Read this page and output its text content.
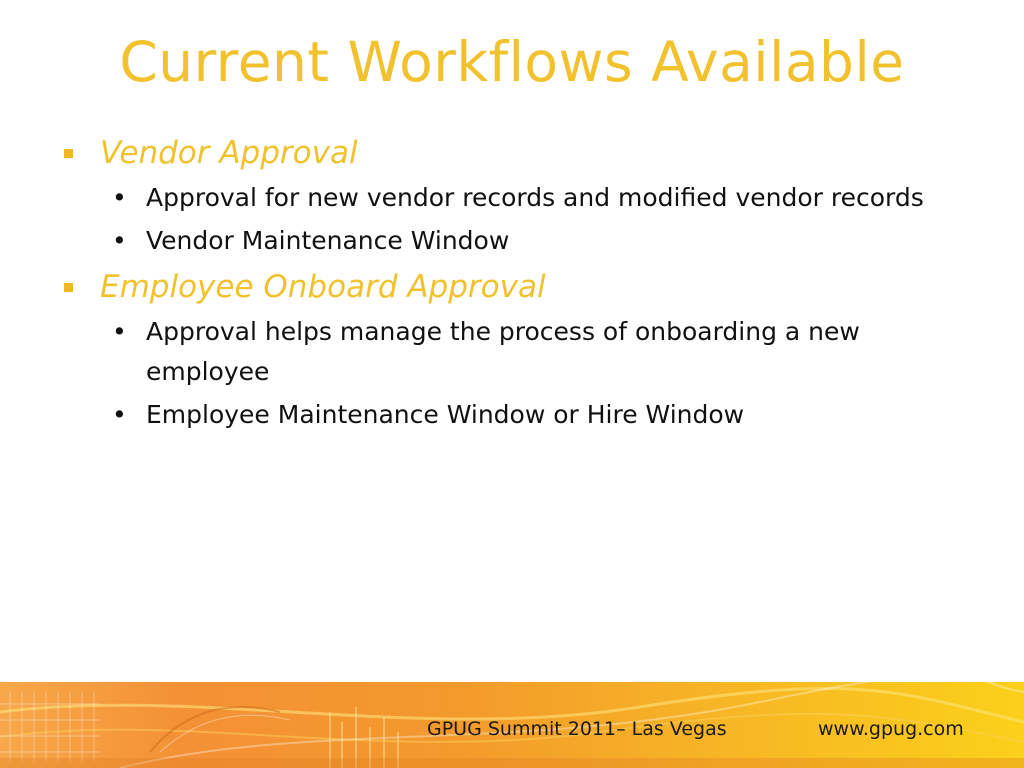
Current Workflows Available
Vendor Approval
• Approval for new vendor records and modified vendor records
• Vendor Maintenance Window
Employee Onboard Approval
• Approval helps manage the process of onboarding a new employee
• Employee Maintenance Window or Hire Window
GPUG Summit 2011– Las Vegas	www.gpug.com
